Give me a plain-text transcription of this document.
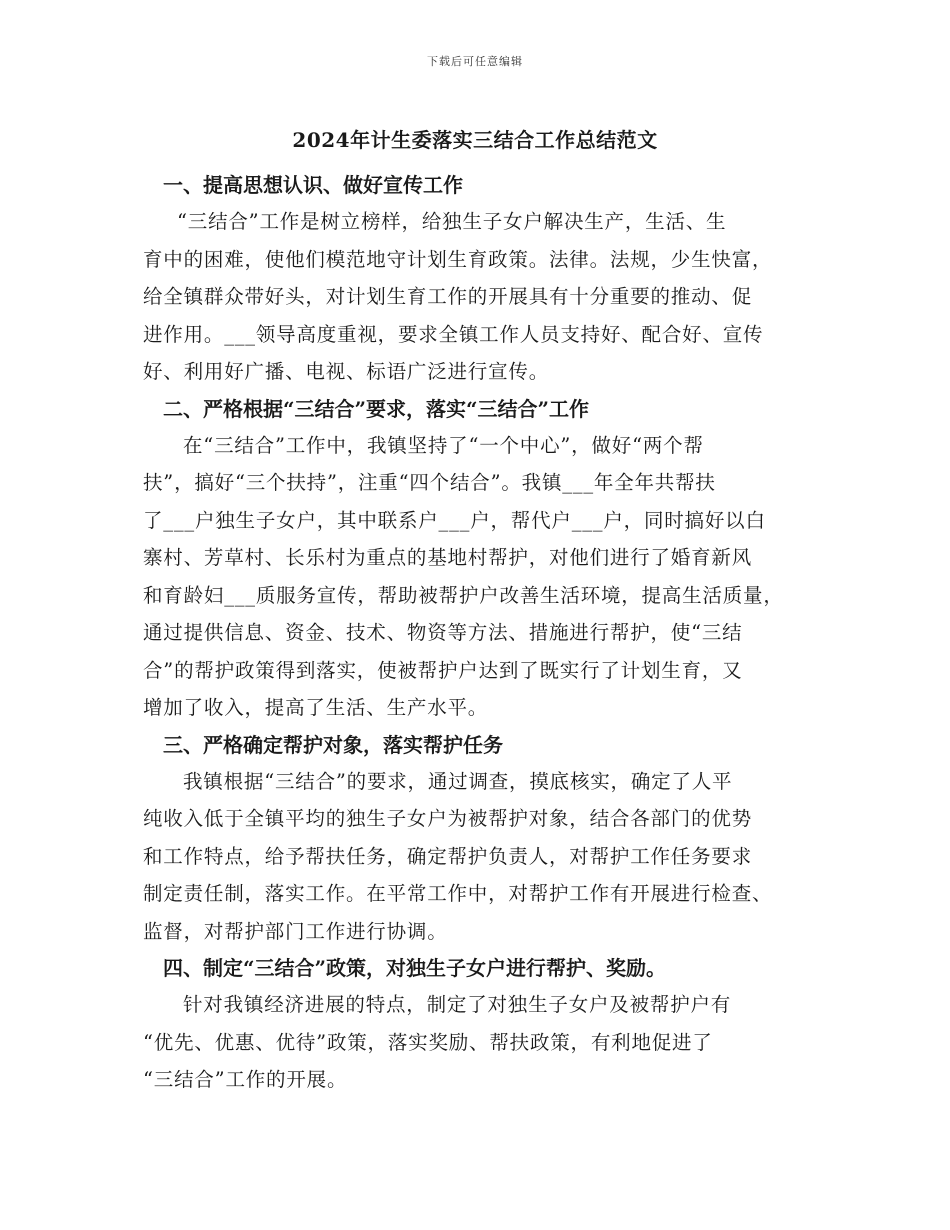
下载后可任意编辑
2024年计生委落实三结合工作总结范文
一、提高思想认识、做好宣传工作
“三结合”工作是树立榜样，给独生子女户解决生产，生活、生
育中的困难，使他们模范地守计划生育政策。法律。法规，少生快富，
给全镇群众带好头，对计划生育工作的开展具有十分重要的推动、促
进作用。___领导高度重视，要求全镇工作人员支持好、配合好、宣传
好、利用好广播、电视、标语广泛进行宣传。
二、严格根据“三结合”要求，落实“三结合”工作
在“三结合”工作中，我镇坚持了“一个中心”，做好“两个帮
扶”，搞好“三个扶持”，注重“四个结合”。我镇___年全年共帮扶
了___户独生子女户，其中联系户___户，帮代户___户，同时搞好以白
寨村、芳草村、长乐村为重点的基地村帮护，对他们进行了婚育新风
和育龄妇___质服务宣传，帮助被帮护户改善生活环境，提高生活质量，
通过提供信息、资金、技术、物资等方法、措施进行帮护，使“三结
合”的帮护政策得到落实，使被帮护户达到了既实行了计划生育，又
增加了收入，提高了生活、生产水平。
三、严格确定帮护对象，落实帮护任务
我镇根据“三结合”的要求，通过调查，摸底核实，确定了人平
纯收入低于全镇平均的独生子女户为被帮护对象，结合各部门的优势
和工作特点，给予帮扶任务，确定帮护负责人，对帮护工作任务要求
制定责任制，落实工作。在平常工作中，对帮护工作有开展进行检查、
监督，对帮护部门工作进行协调。
四、制定“三结合”政策，对独生子女户进行帮护、奖励。
针对我镇经济进展的特点，制定了对独生子女户及被帮护户有
“优先、优惠、优待”政策，落实奖励、帮扶政策，有利地促进了
“三结合”工作的开展。
